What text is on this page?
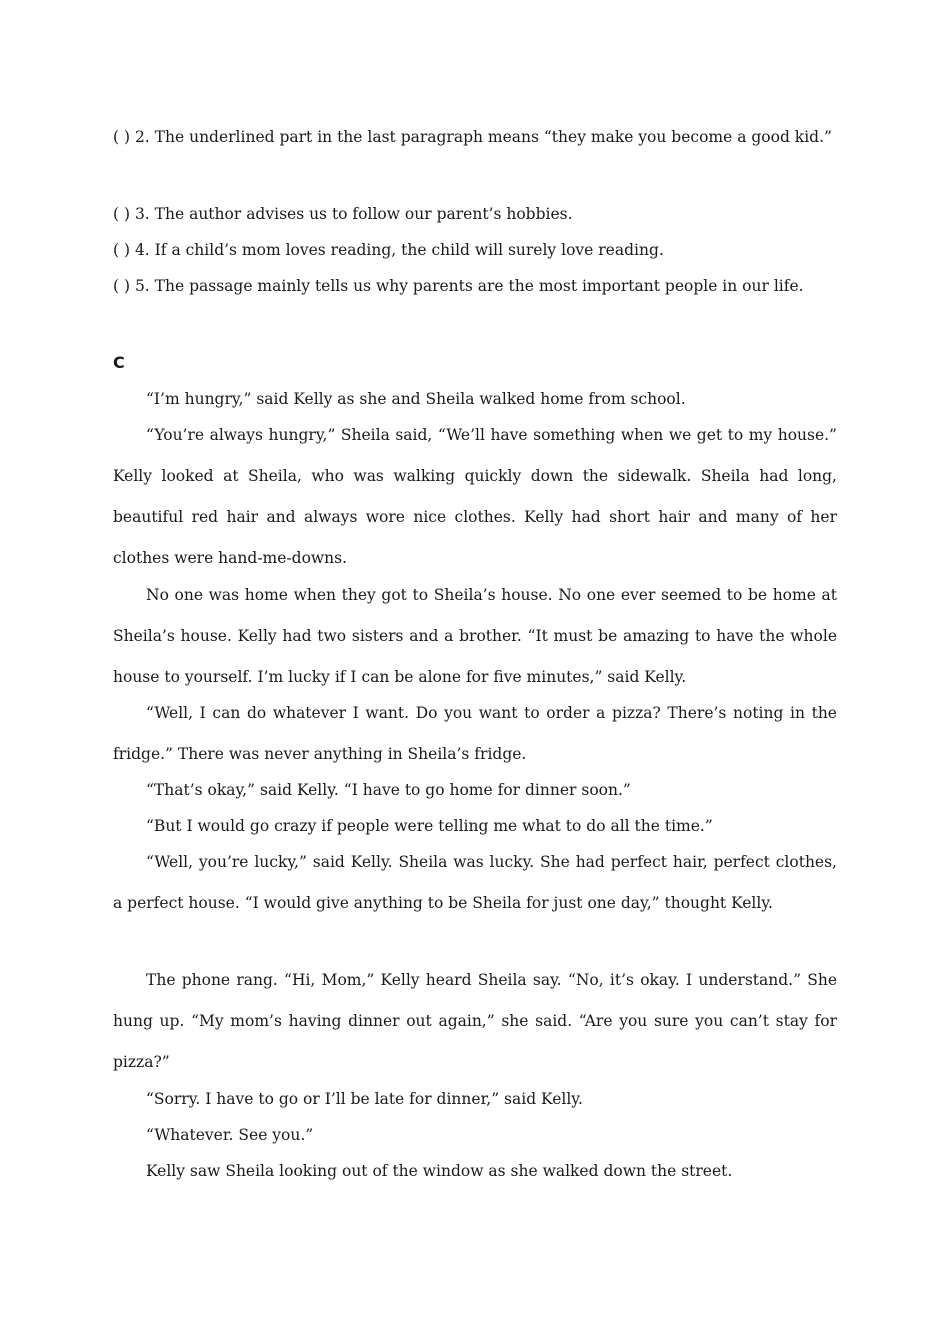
( ) 2. The underlined part in the last paragraph means “they make you become a good kid.”

( ) 3. The author advises us to follow our parent’s hobbies.

( ) 4. If a child’s mom loves reading, the child will surely love reading.

( ) 5. The passage mainly tells us why parents are the most important people in our life.

C

“I’m hungry,” said Kelly as she and Sheila walked home from school.

“You’re always hungry,” Sheila said, “We’ll have something when we get to my house.” Kelly looked at Sheila, who was walking quickly down the sidewalk. Sheila had long, beautiful red hair and always wore nice clothes. Kelly had short hair and many of her clothes were hand-me-downs.

No one was home when they got to Sheila’s house. No one ever seemed to be home at Sheila’s house. Kelly had two sisters and a brother. “It must be amazing to have the whole house to yourself. I’m lucky if I can be alone for five minutes,” said Kelly.

“Well, I can do whatever I want. Do you want to order a pizza? There’s noting in the fridge.” There was never anything in Sheila’s fridge.

“That’s okay,” said Kelly. “I have to go home for dinner soon.”

“But I would go crazy if people were telling me what to do all the time.”

“Well, you’re lucky,” said Kelly. Sheila was lucky. She had perfect hair, perfect clothes, a perfect house. “I would give anything to be Sheila for just one day,” thought Kelly.

The phone rang. “Hi, Mom,” Kelly heard Sheila say. “No, it’s okay. I understand.” She hung up. “My mom’s having dinner out again,” she said. “Are you sure you can’t stay for pizza?”

“Sorry. I have to go or I’ll be late for dinner,” said Kelly.

“Whatever. See you.”

Kelly saw Sheila looking out of the window as she walked down the street.
